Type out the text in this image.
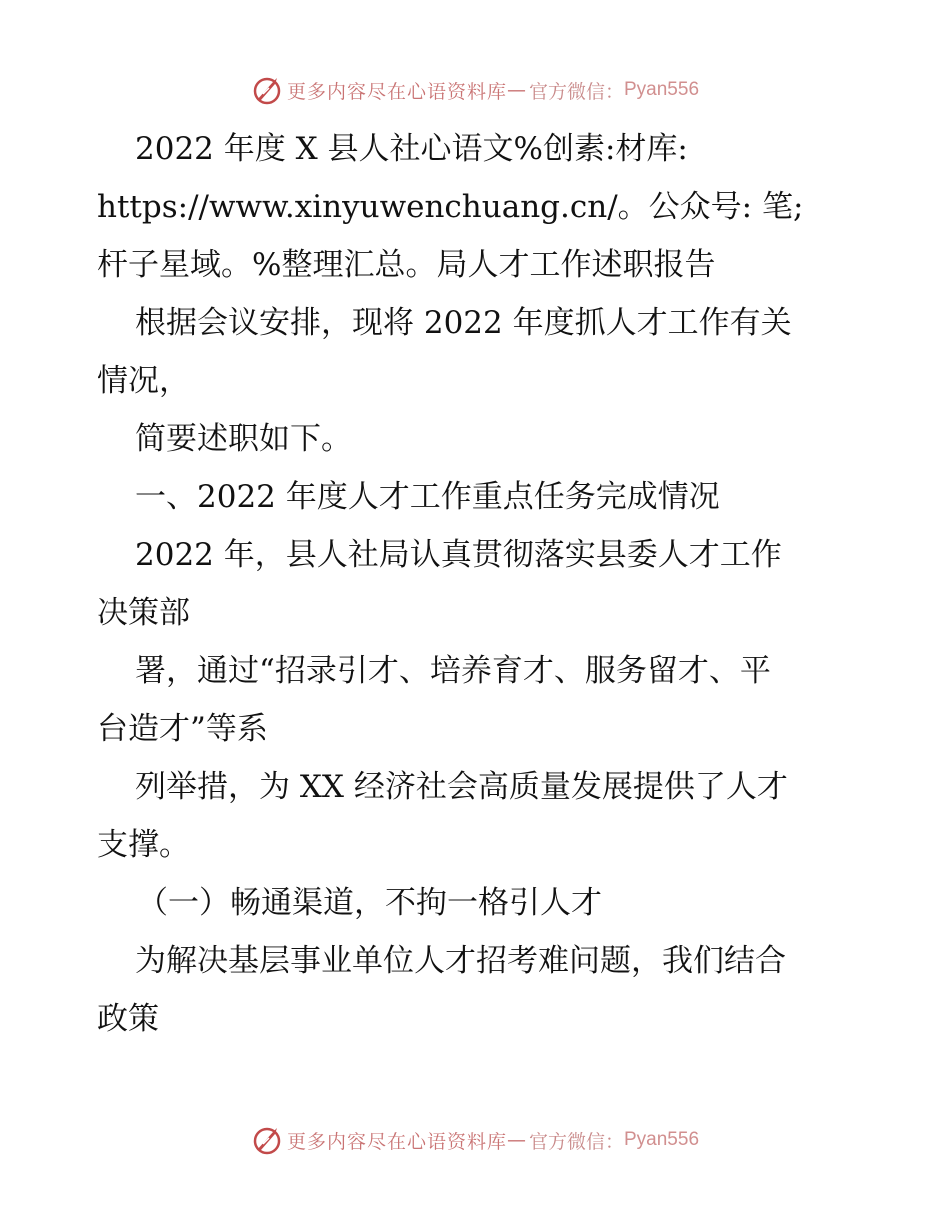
更多内容尽在心语资料库 — 官方微信： Pyan556
2022 年度 X 县人社心语文%创素:材库:
https://www.xinyuwenchuang.cn/。公众号: 笔;
杆子星域。%整理汇总。局人才工作述职报告
根据会议安排，现将 2022 年度抓人才工作有关
情况，
简要述职如下。
一、2022 年度人才工作重点任务完成情况
2022 年，县人社局认真贯彻落实县委人才工作
决策部
署，通过“招录引才、培养育才、服务留才、平
台造才”等系
列举措，为 XX 经济社会高质量发展提供了人才
支撑。
（一）畅通渠道，不拘一格引人才
为解决基层事业单位人才招考难问题，我们结合
政策
更多内容尽在心语资料库 — 官方微信： Pyan556
